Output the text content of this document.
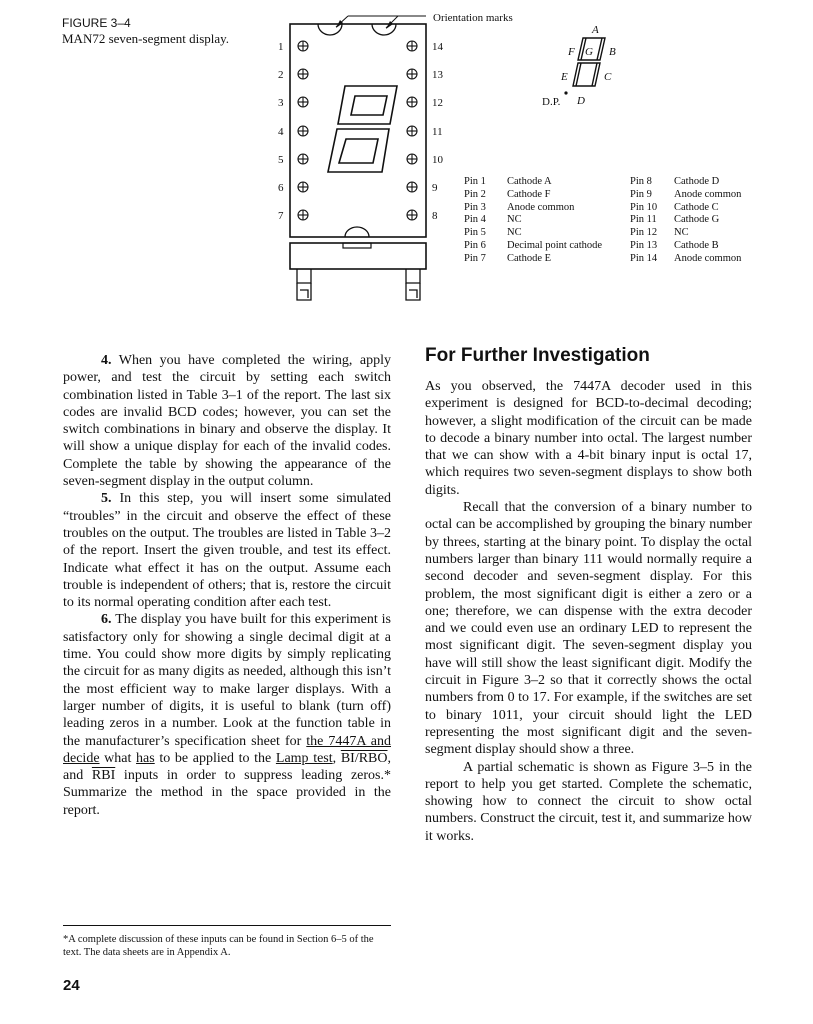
FIGURE 3–4
MAN72 seven-segment display.
Orientation marks
1
2
3
4
5
6
7
14
13
12
11
10
9
8
A
F G B
E	C
D.P. D
Pin 1	Cathode A	Pin 8	Cathode D
Pin 2	Cathode F	Pin 9	Anode common
Pin 3	Anode common	Pin 10	Cathode C
Pin 4	NC	Pin 11	Cathode G
Pin 5	NC	Pin 12	NC
Pin 6	Decimal point cathode	Pin 13	Cathode B
Pin 7	Cathode E	Pin 14	Anode common

4. When you have completed the wiring, apply power, and test the circuit by setting each switch combination listed in Table 3–1 of the report. The last six codes are invalid BCD codes; however, you can set the switch combinations in binary and observe the display. It will show a unique display for each of the invalid codes. Complete the table by showing the appearance of the seven-segment display in the output column.

5. In this step, you will insert some simulated “troubles” in the circuit and observe the effect of these troubles on the output. The troubles are listed in Table 3–2 of the report. Insert the given trouble, and test its effect. Indicate what effect it has on the output. Assume each trouble is independent of others; that is, restore the circuit to its normal operating condition after each test.

6. The display you have built for this experiment is satisfactory only for showing a single decimal digit at a time. You could show more digits by simply replicating the circuit for as many digits as needed, although this isn’t the most efficient way to make larger displays. With a larger number of digits, it is useful to blank (turn off) leading zeros in a number. Look at the function table in the manufacturer’s specification sheet for the 7447A and decide what has to be applied to the Lamp test, BI/RBO, and $\overline{RBI}$ inputs in order to suppress leading zeros.* Summarize the method in the space provided in the report.

For Further Investigation

As you observed, the 7447A decoder used in this experiment is designed for BCD-to-decimal decoding; however, a slight modification of the circuit can be made to decode a binary number into octal. The largest number that we can show with a 4-bit binary input is octal 17, which requires two seven-segment displays to show both digits.

Recall that the conversion of a binary number to octal can be accomplished by grouping the binary number by threes, starting at the binary point. To display the octal numbers larger than binary 111 would normally require a second decoder and seven-segment display. For this problem, the most significant digit is either a zero or a one; therefore, we can dispense with the extra decoder and we could even use an ordinary LED to represent the most significant digit. The seven-segment display you have will still show the least significant digit. Modify the circuit in Figure 3–2 so that it correctly shows the octal numbers from 0 to 17. For example, if the switches are set to binary 1011, your circuit should light the LED representing the most significant digit and the seven-segment display should show a three.

A partial schematic is shown as Figure 3–5 in the report to help you get started. Complete the schematic, showing how to connect the circuit to show octal numbers. Construct the circuit, test it, and summarize how it works.

*A complete discussion of these inputs can be found in Section 6–5 of the text. The data sheets are in Appendix A.
24
